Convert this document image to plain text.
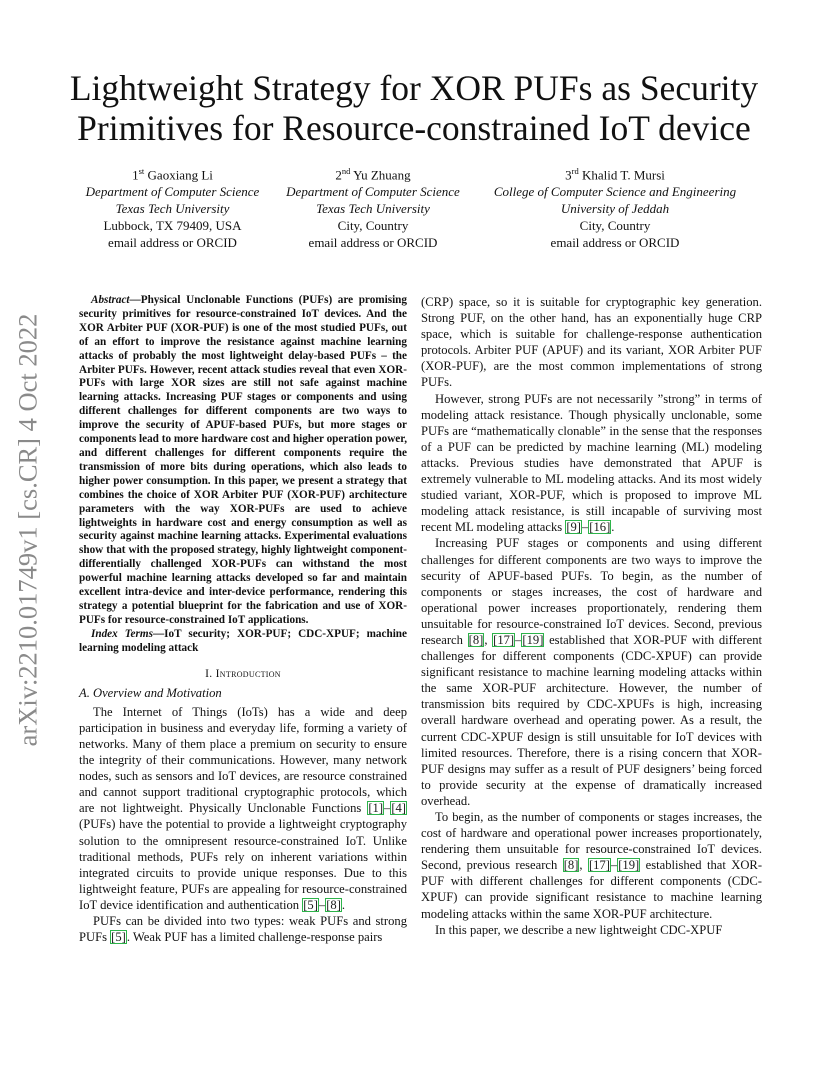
Lightweight Strategy for XOR PUFs as Security
Primitives for Resource-constrained IoT device
1st Gaoxiang Li
Department of Computer Science
Texas Tech University
Lubbock, TX 79409, USA
email address or ORCID
2nd Yu Zhuang
Department of Computer Science
Texas Tech University
City, Country
email address or ORCID
3rd Khalid T. Mursi
College of Computer Science and Engineering
University of Jeddah
City, Country
email address or ORCID
arXiv:2210.01749v1 [cs.CR] 4 Oct 2022

Abstract—Physical Unclonable Functions (PUFs) are promising security primitives for resource-constrained IoT devices. And the XOR Arbiter PUF (XOR-PUF) is one of the most studied PUFs, out of an effort to improve the resistance against machine learning attacks of probably the most lightweight delay-based PUFs – the Arbiter PUFs. However, recent attack studies reveal that even XOR-PUFs with large XOR sizes are still not safe against machine learning attacks. Increasing PUF stages or components and using different challenges for different components are two ways to improve the security of APUF-based PUFs, but more stages or components lead to more hardware cost and higher operation power, and different challenges for different components require the transmission of more bits during operations, which also leads to higher power consumption. In this paper, we present a strategy that combines the choice of XOR Arbiter PUF (XOR-PUF) architecture parameters with the way XOR-PUFs are used to achieve lightweights in hardware cost and energy consumption as well as security against machine learning attacks. Experimental evaluations show that with the proposed strategy, highly lightweight component-differentially challenged XOR-PUFs can withstand the most powerful machine learning attacks developed so far and maintain excellent intra-device and inter-device performance, rendering this strategy a potential blueprint for the fabrication and use of XOR-PUFs for resource-constrained IoT applications.

Index Terms—IoT security; XOR-PUF; CDC-XPUF; machine learning modeling attack

I. Introduction
A. Overview and Motivation

The Internet of Things (IoTs) has a wide and deep participation in business and everyday life, forming a variety of networks. Many of them place a premium on security to ensure the integrity of their communications. However, many network nodes, such as sensors and IoT devices, are resource constrained and cannot support traditional cryptographic protocols, which are not lightweight. Physically Unclonable Functions [1]–[4] (PUFs) have the potential to provide a lightweight cryptography solution to the omnipresent resource-constrained IoT. Unlike traditional methods, PUFs rely on inherent variations within integrated circuits to provide unique responses. Due to this lightweight feature, PUFs are appealing for resource-constrained IoT device identification and authentication [5]–[8].

PUFs can be divided into two types: weak PUFs and strong PUFs [5]. Weak PUF has a limited challenge-response pairs

(CRP) space, so it is suitable for cryptographic key generation. Strong PUF, on the other hand, has an exponentially huge CRP space, which is suitable for challenge-response authentication protocols. Arbiter PUF (APUF) and its variant, XOR Arbiter PUF (XOR-PUF), are the most common implementations of strong PUFs.

However, strong PUFs are not necessarily ”strong” in terms of modeling attack resistance. Though physically unclonable, some PUFs are “mathematically clonable” in the sense that the responses of a PUF can be predicted by machine learning (ML) modeling attacks. Previous studies have demonstrated that APUF is extremely vulnerable to ML modeling attacks. And its most widely studied variant, XOR-PUF, which is proposed to improve ML modeling attack resistance, is still incapable of surviving most recent ML modeling attacks [9]–[16].

Increasing PUF stages or components and using different challenges for different components are two ways to improve the security of APUF-based PUFs. To begin, as the number of components or stages increases, the cost of hardware and operational power increases proportionately, rendering them unsuitable for resource-constrained IoT devices. Second, previous research [8], [17]–[19] established that XOR-PUF with different challenges for different components (CDC-XPUF) can provide significant resistance to machine learning modeling attacks within the same XOR-PUF architecture. However, the number of transmission bits required by CDC-XPUFs is high, increasing overall hardware overhead and operating power. As a result, the current CDC-XPUF design is still unsuitable for IoT devices with limited resources. Therefore, there is a rising concern that XOR-PUF designs may suffer as a result of PUF designers’ being forced to provide security at the expense of dramatically increased overhead.

To begin, as the number of components or stages increases, the cost of hardware and operational power increases proportionately, rendering them unsuitable for resource-constrained IoT devices. Second, previous research [8], [17]–[19] established that XOR-PUF with different challenges for different components (CDC-XPUF) can provide significant resistance to machine learning modeling attacks within the same XOR-PUF architecture.

In this paper, we describe a new lightweight CDC-XPUF
